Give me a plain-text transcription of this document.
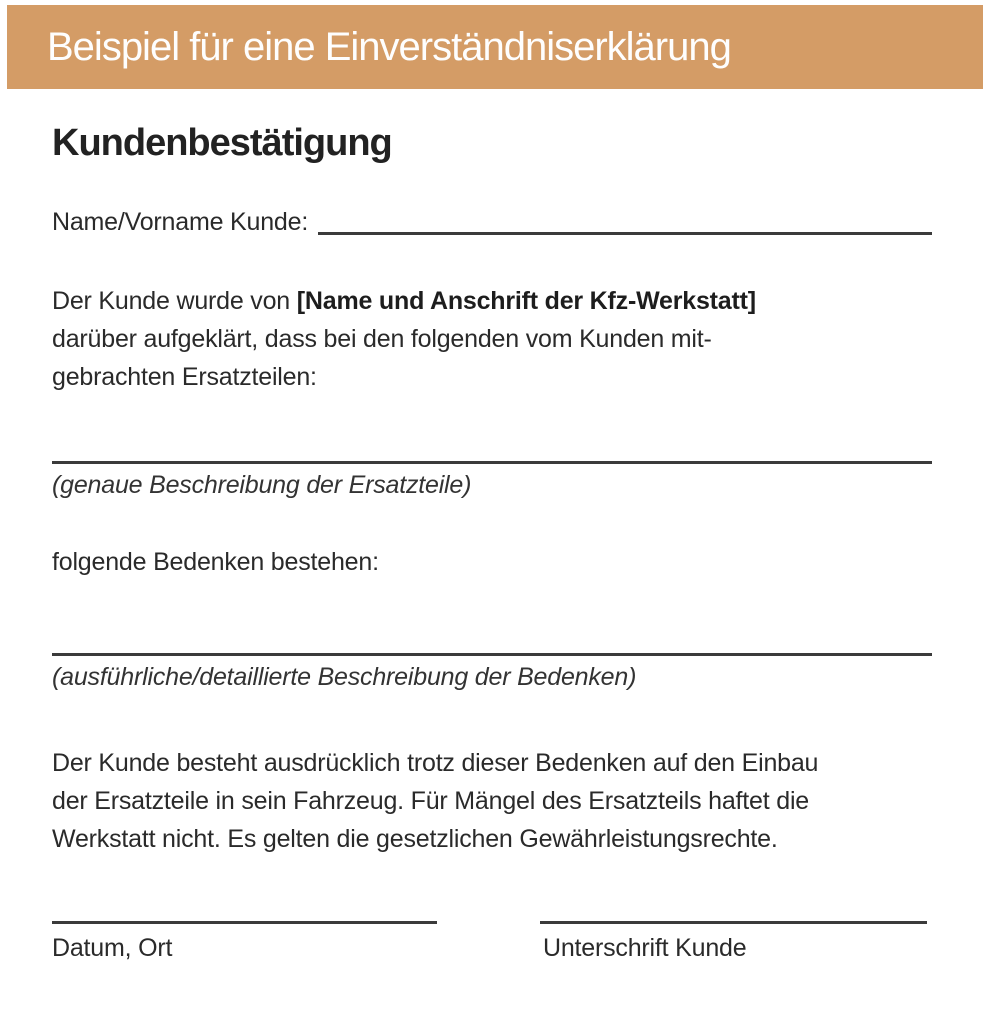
Beispiel für eine Einverständniserklärung
Kundenbestätigung
Name/Vorname Kunde:
Der Kunde wurde von [Name und Anschrift der Kfz-Werkstatt]
darüber aufgeklärt, dass bei den folgenden vom Kunden mit-
gebrachten Ersatzteilen:
(genaue Beschreibung der Ersatzteile)
folgende Bedenken bestehen:
(ausführliche/detaillierte Beschreibung der Bedenken)
Der Kunde besteht ausdrücklich trotz dieser Bedenken auf den Einbau
der Ersatzteile in sein Fahrzeug. Für Mängel des Ersatzteils haftet die
Werkstatt nicht. Es gelten die gesetzlichen Gewährleistungsrechte.
Datum, Ort	Unterschrift Kunde
